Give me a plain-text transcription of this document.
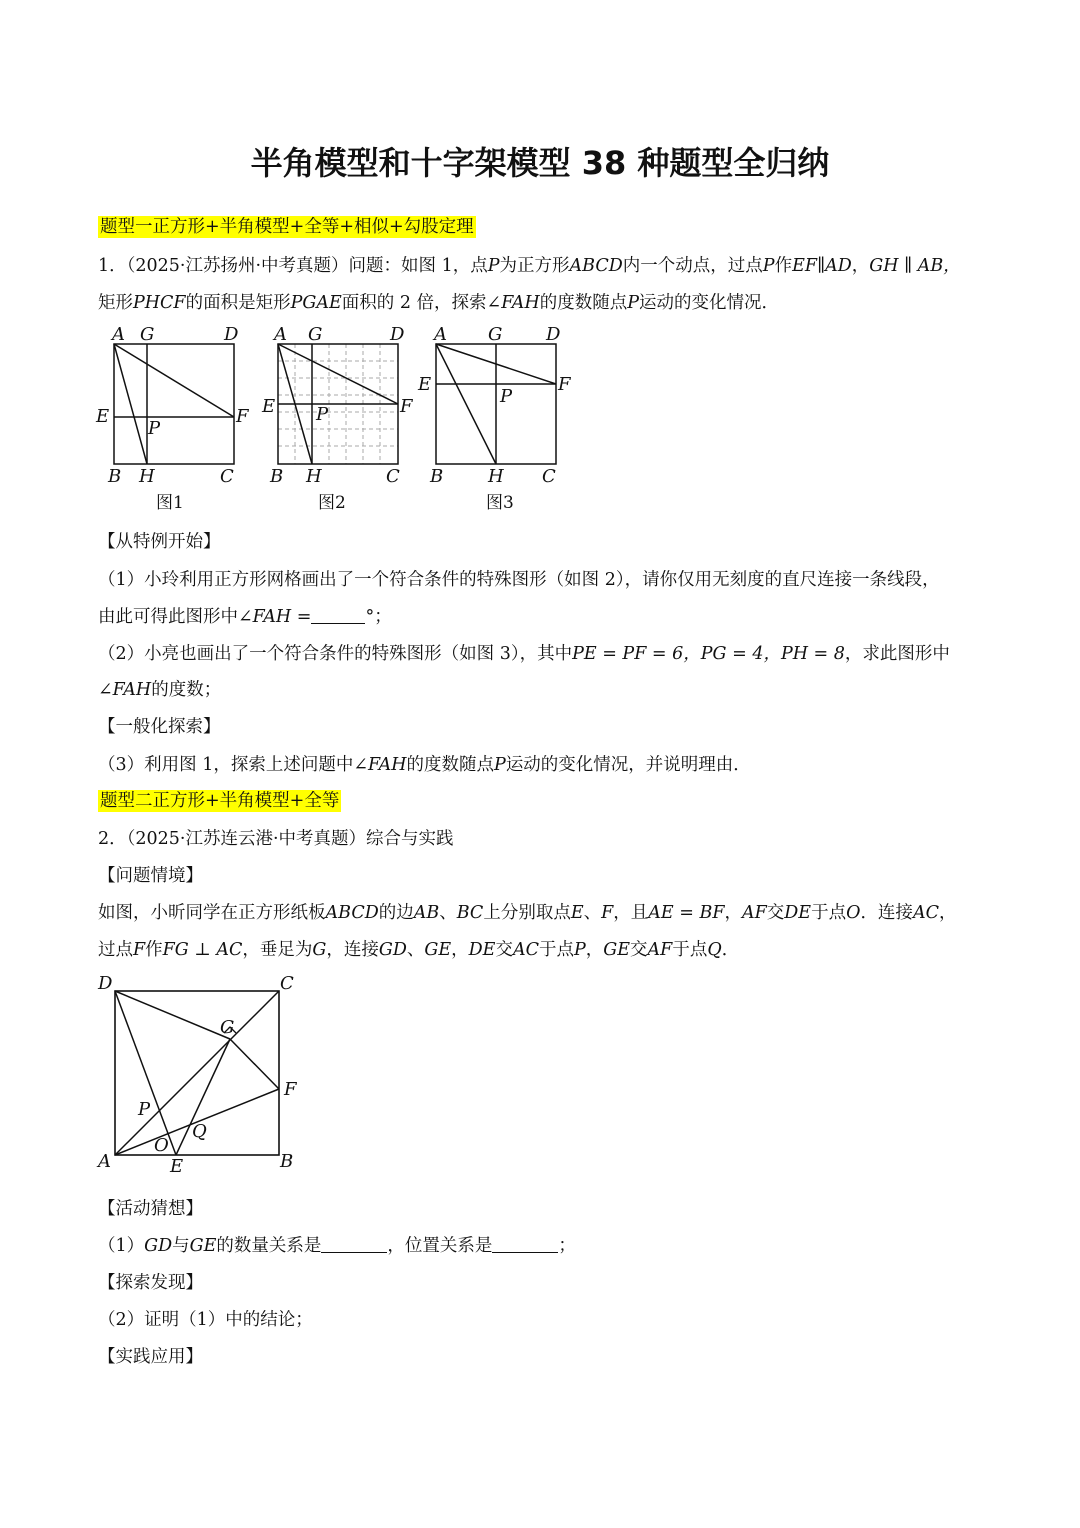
半角模型和十字架模型 38 种题型全归纳
题型一正方形+半角模型+全等+相似+勾股定理
1．（2025·江苏扬州·中考真题）问题：如图 1，点P为正方形ABCD内一个动点，过点P作EF∥AD，GH ∥ AB，
矩形PHCF的面积是矩形PGAE面积的 2 倍，探索∠FAH的度数随点P运动的变化情况．
A G	D
E
P
F
B H	C
图1
A G	D
E P	F
B H	C
图2
A G D
E
P
F
B H C
图3
【从特例开始】
（1）小玲利用正方形网格画出了一个符合条件的特殊图形（如图 2），请你仅用无刻度的直尺连接一条线段，
由此可得此图形中∠FAH =	°；
（2）小亮也画出了一个符合条件的特殊图形（如图 3），其中PE = PF = 6，PG = 4，PH = 8，求此图形中
∠FAH的度数；
【一般化探索】
（3）利用图 1，探索上述问题中∠FAH的度数随点P运动的变化情况，并说明理由．
题型二正方形+半角模型+全等
2．（2025·江苏连云港·中考真题）综合与实践
【问题情境】
如图，小昕同学在正方形纸板ABCD的边AB、BC上分别取点E、F，且AE = BF，AF交DE于点O．连接AC，
过点F作FG ⊥ AC，垂足为G，连接GD、GE，DE交AC于点P，GE交AF于点Q．
D	C
G
F
P
Q
O
A	E	B
【活动猜想】
（1）GD与GE的数量关系是	，位置关系是	；
【探索发现】
（2）证明（1）中的结论；
【实践应用】
